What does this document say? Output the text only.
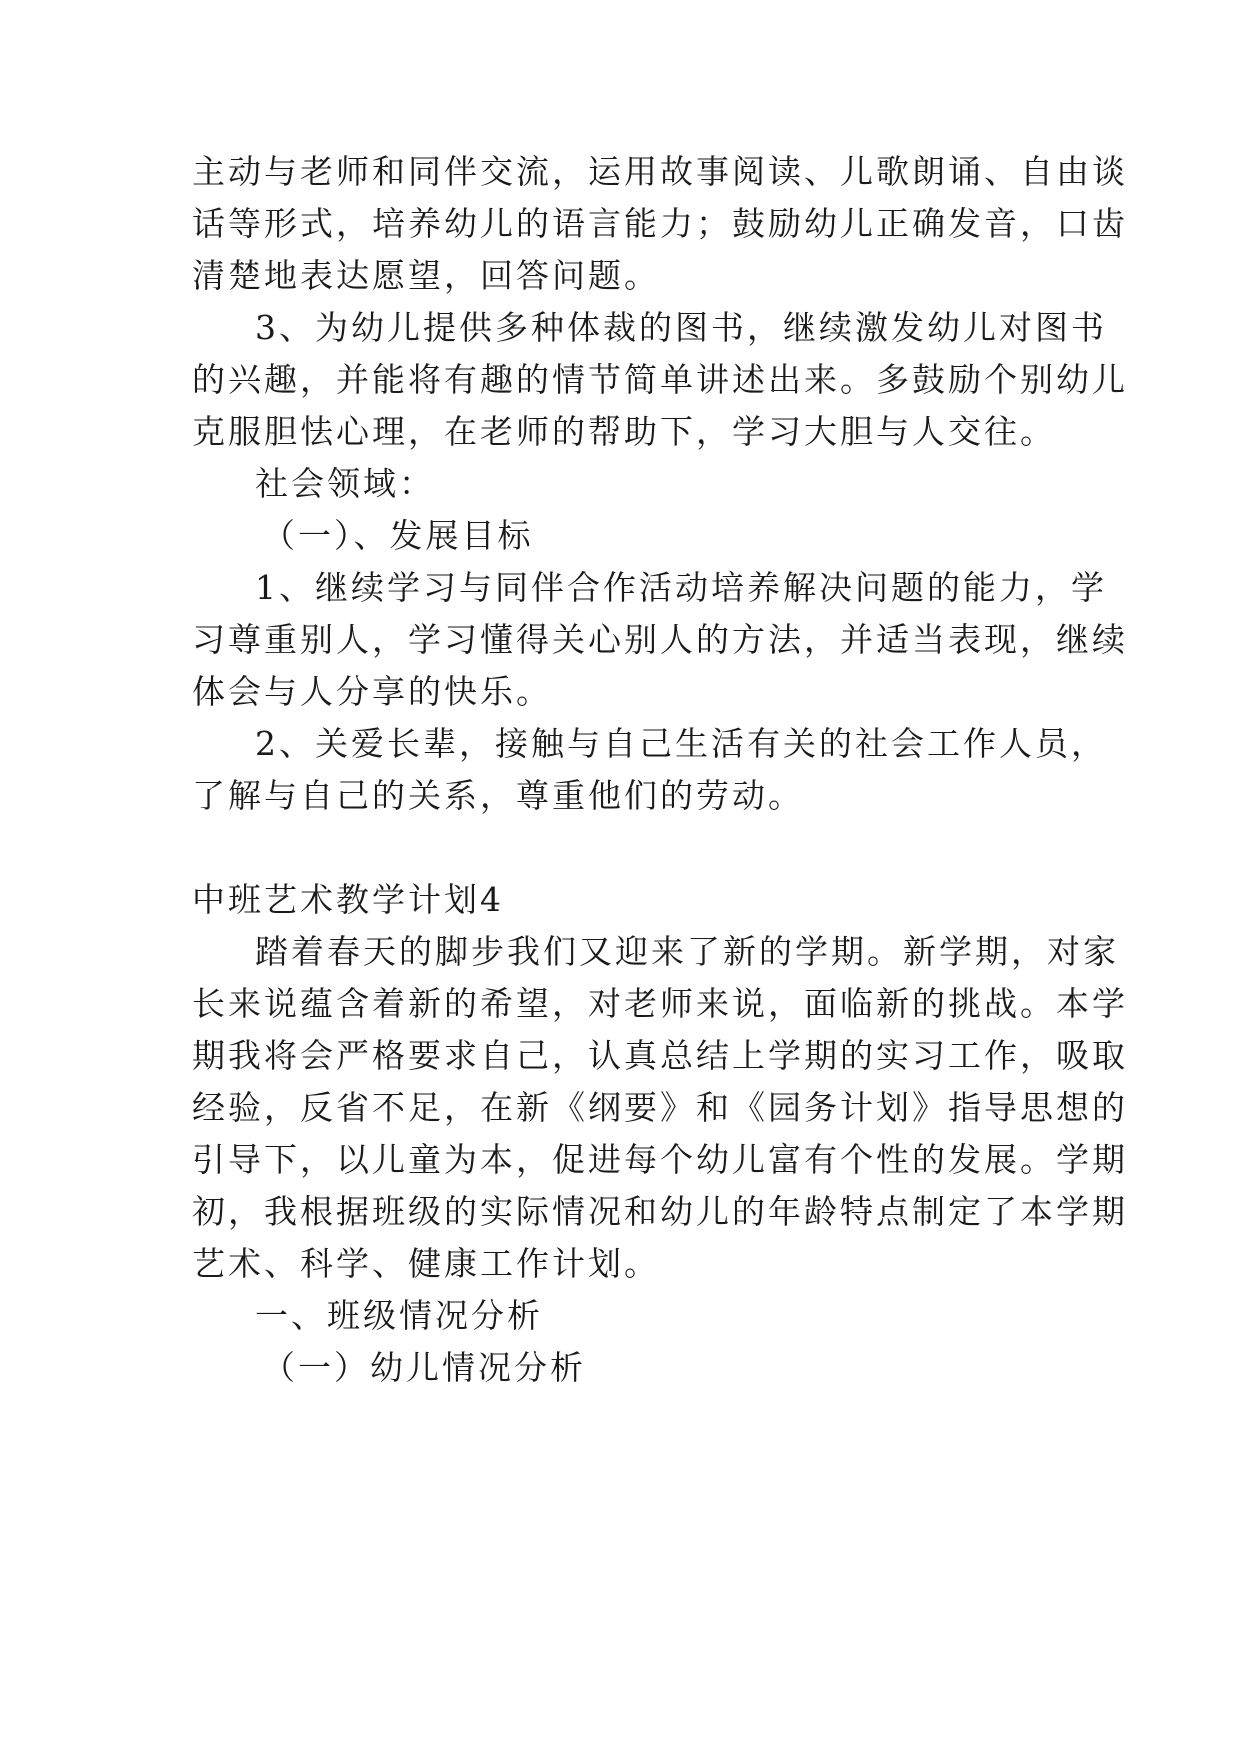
主动与老师和同伴交流，运用故事阅读、儿歌朗诵、自由谈
话等形式，培养幼儿的语言能力；鼓励幼儿正确发音，口齿
清楚地表达愿望，回答问题。
3、为幼儿提供多种体裁的图书，继续激发幼儿对图书
的兴趣，并能将有趣的情节简单讲述出来。多鼓励个别幼儿
克服胆怯心理，在老师的帮助下，学习大胆与人交往。
社会领域：
（一）、发展目标
1、继续学习与同伴合作活动培养解决问题的能力，学
习尊重别人，学习懂得关心别人的方法，并适当表现，继续
体会与人分享的快乐。
2、关爱长辈，接触与自己生活有关的社会工作人员，
了解与自己的关系，尊重他们的劳动。
中班艺术教学计划4
踏着春天的脚步我们又迎来了新的学期。新学期，对家
长来说蕴含着新的希望，对老师来说，面临新的挑战。本学
期我将会严格要求自己，认真总结上学期的实习工作，吸取
经验，反省不足，在新《纲要》和《园务计划》指导思想的
引导下，以儿童为本，促进每个幼儿富有个性的发展。学期
初，我根据班级的实际情况和幼儿的年龄特点制定了本学期
艺术、科学、健康工作计划。
一、班级情况分析
（一）幼儿情况分析
